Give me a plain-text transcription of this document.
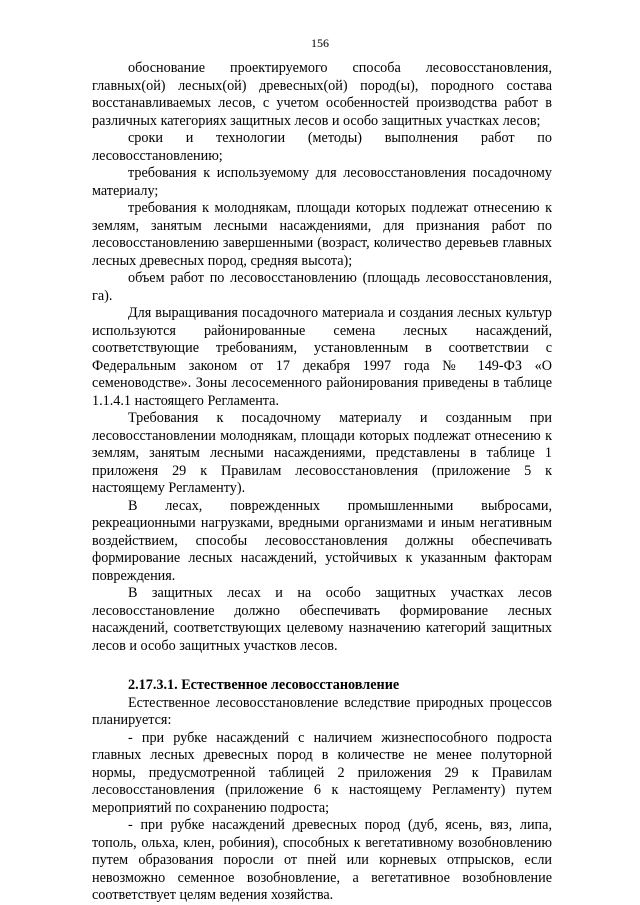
156

обоснование проектируемого способа лесовосстановления, главных(ой) лесных(ой) древесных(ой) пород(ы), породного состава восстанавливаемых лесов, с учетом особенностей производства работ в различных категориях защитных лесов и особо защитных участках лесов;

сроки и технологии (методы) выполнения работ по лесовосстановлению;

требования к используемому для лесовосстановления посадочному материалу;

требования к молоднякам, площади которых подлежат отнесению к землям, занятым лесными насаждениями, для признания работ по лесовосстановлению завершенными (возраст, количество деревьев главных лесных древесных пород, средняя высота);

объем работ по лесовосстановлению (площадь лесовосстановления, га).

Для выращивания посадочного материала и создания лесных культур используются районированные семена лесных насаждений, соответствующие требованиям, установленным в соответствии с Федеральным законом от 17 декабря 1997 года № 149-ФЗ «О семеноводстве». Зоны лесосеменного районирования приведены в таблице 1.1.4.1 настоящего Регламента.

Требования к посадочному материалу и созданным при лесовосстановлении молоднякам, площади которых подлежат отнесению к землям, занятым лесными насаждениями, представлены в таблице 1 приложеня 29 к Правилам лесовосстановления (приложение 5 к настоящему Регламенту).

В лесах, поврежденных промышленными выбросами, рекреационными нагрузками, вредными организмами и иным негативным воздействием, способы лесовосстановления должны обеспечивать формирование лесных насаждений, устойчивых к указанным факторам повреждения.

В защитных лесах и на особо защитных участках лесов лесовосстановление должно обеспечивать формирование лесных насаждений, соответствующих целевому назначению категорий защитных лесов и особо защитных участков лесов.

2.17.3.1. Естественное лесовосстановление

Естественное лесовосстановление вследствие природных процессов планируется:

- при рубке насаждений с наличием жизнеспособного подроста главных лесных древесных пород в количестве не менее полуторной нормы, предусмотренной таблицей 2 приложения 29 к Правилам лесовосстановления (приложение 6 к настоящему Регламенту) путем мероприятий по сохранению подроста;

- при рубке насаждений древесных пород (дуб, ясень, вяз, липа, тополь, ольха, клен, робиния), способных к вегетативному возобновлению путем образования поросли от пней или корневых отпрысков, если невозможно семенное возобновление, а вегетативное возобновление соответствует целям ведения хозяйства.
